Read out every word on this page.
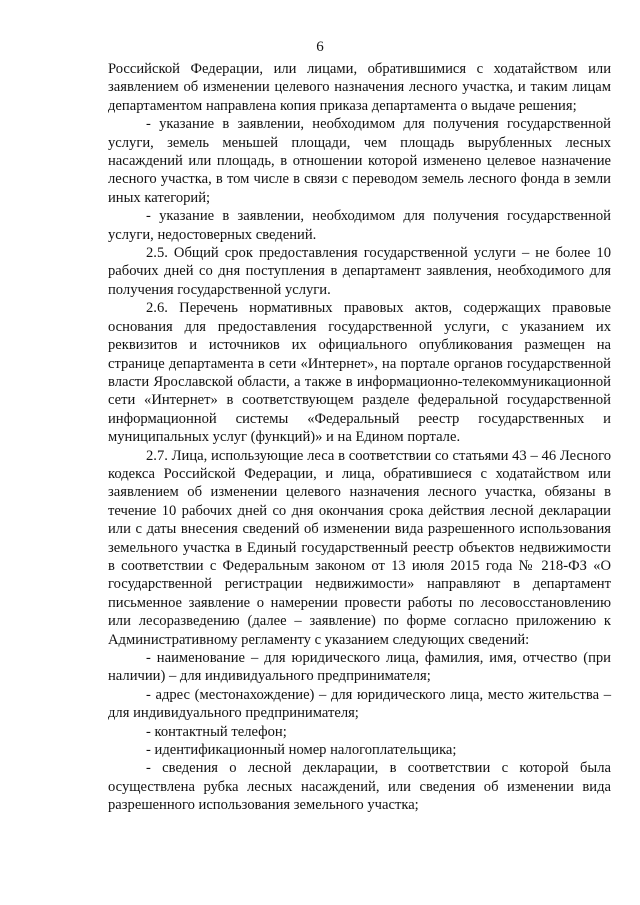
6

Российской Федерации, или лицами, обратившимися с ходатайством или заявлением об изменении целевого назначения лесного участка, и таким лицам департаментом направлена копия приказа департамента о выдаче решения;

- указание в заявлении, необходимом для получения государственной услуги, земель меньшей площади, чем площадь вырубленных лесных насаждений или площадь, в отношении которой изменено целевое назначение лесного участка, в том числе в связи с переводом земель лесного фонда в земли иных категорий;

- указание в заявлении, необходимом для получения государственной услуги, недостоверных сведений.

2.5. Общий срок предоставления государственной услуги – не более 10 рабочих дней со дня поступления в департамент заявления, необходимого для получения государственной услуги.

2.6. Перечень нормативных правовых актов, содержащих правовые основания для предоставления государственной услуги, с указанием их реквизитов и источников их официального опубликования размещен на странице департамента в сети «Интернет», на портале органов государственной власти Ярославской области, а также в информационно-телекоммуникационной сети «Интернет» в соответствующем разделе федеральной государственной информационной системы «Федеральный реестр государственных и муниципальных услуг (функций)» и на Едином портале.

2.7. Лица, использующие леса в соответствии со статьями 43 – 46 Лесного кодекса Российской Федерации, и лица, обратившиеся с ходатайством или заявлением об изменении целевого назначения лесного участка, обязаны в течение 10 рабочих дней со дня окончания срока действия лесной декларации или с даты внесения сведений об изменении вида разрешенного использования земельного участка в Единый государственный реестр объектов недвижимости в соответствии с Федеральным законом от 13 июля 2015 года № 218-ФЗ «О государственной регистрации недвижимости» направляют в департамент письменное заявление о намерении провести работы по лесовосстановлению или лесоразведению (далее – заявление) по форме согласно приложению к Административному регламенту с указанием следующих сведений:

- наименование – для юридического лица, фамилия, имя, отчество (при наличии) – для индивидуального предпринимателя;

- адрес (местонахождение) – для юридического лица, место жительства – для индивидуального предпринимателя;

- контактный телефон;

- идентификационный номер налогоплательщика;

- сведения о лесной декларации, в соответствии с которой была осуществлена рубка лесных насаждений, или сведения об изменении вида разрешенного использования земельного участка;
